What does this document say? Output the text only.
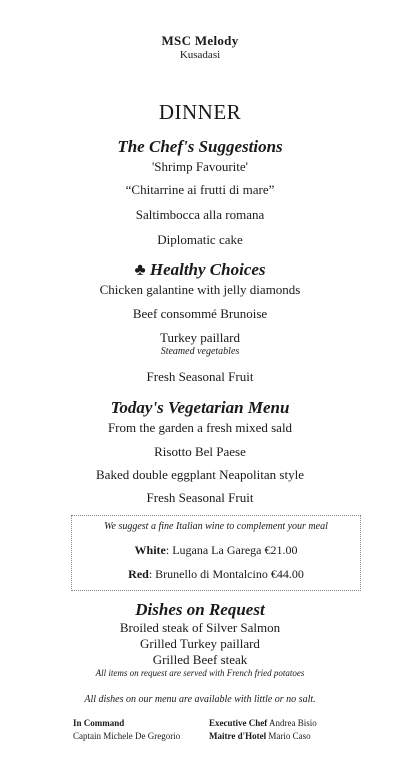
MSC Melody
Kusadasi
DINNER
The Chef's Suggestions
'Shrimp Favourite'
“Chitarrine ai frutti di mare”
Saltimbocca alla romana
Diplomatic cake
♣ Healthy Choices
Chicken galantine with jelly diamonds
Beef consommé Brunoise
Turkey paillard
Steamed vegetables
Fresh Seasonal Fruit
Today's Vegetarian Menu
From the garden a fresh mixed sald
Risotto Bel Paese
Baked double eggplant Neapolitan style
Fresh Seasonal Fruit
We suggest a fine Italian wine to complement your meal
White: Lugana La Garega €21.00
Red: Brunello di Montalcino €44.00
Dishes on Request
Broiled steak of Silver Salmon
Grilled Turkey paillard
Grilled Beef steak
All items on request are served with French fried potatoes
All dishes on our menu are available with little or no salt.
In Command
Captain Michele De Gregorio
Executive Chef Andrea Bisio
Maitre d'Hotel Mario Caso
